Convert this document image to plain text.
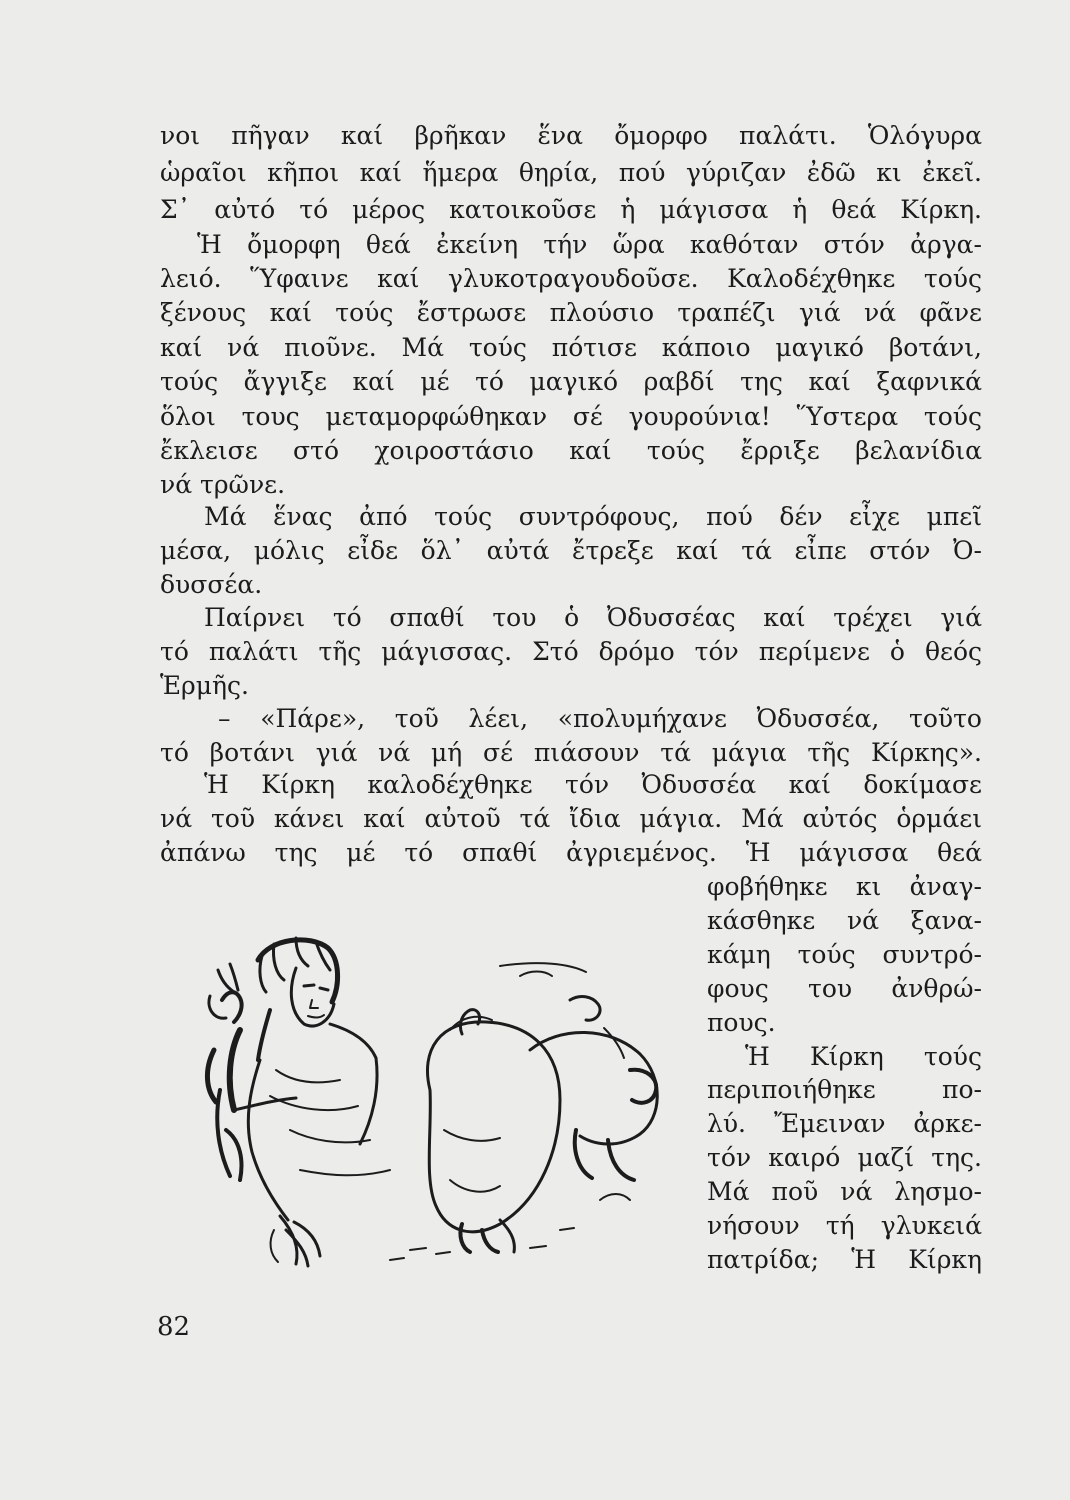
νοι πῆγαν καί βρῆκαν ἕνα ὄμορφο παλάτι. Ὁλόγυρα
ὡραῖοι κῆποι καί ἥμερα θηρία, πού γύριζαν ἐδῶ κι ἐκεῖ.
Σ᾽ αὐτό τό μέρος κατοικοῦσε ἡ μάγισσα ἡ θεά Κίρκη.
Ἡ ὄμορφη θεά ἐκείνη τήν ὥρα καθόταν στόν ἀργα-
λειό. Ὕφαινε καί γλυκοτραγουδοῦσε. Καλοδέχθηκε τούς
ξένους καί τούς ἔστρωσε πλούσιο τραπέζι γιά νά φᾶνε
καί νά πιοῦνε. Μά τούς πότισε κάποιο μαγικό βοτάνι,
τούς ἄγγιξε καί μέ τό μαγικό ραβδί της καί ξαφνικά
ὅλοι τους μεταμορφώθηκαν σέ γουρούνια! Ὕστερα τούς
ἔκλεισε στό χοιροστάσιο καί τούς ἔρριξε βελανίδια
νά τρῶνε.
Μά ἕνας ἀπό τούς συντρόφους, πού δέν εἶχε μπεῖ
μέσα, μόλις εἶδε ὅλ᾽ αὐτά ἔτρεξε καί τά εἶπε στόν Ὀ-
δυσσέα.
Παίρνει τό σπαθί του ὁ Ὀδυσσέας καί τρέχει γιά
τό παλάτι τῆς μάγισσας. Στό δρόμο τόν περίμενε ὁ θεός
Ἑρμῆς.
– «Πάρε», τοῦ λέει, «πολυμήχανε Ὀδυσσέα, τοῦτο
τό βοτάνι γιά νά μή σέ πιάσουν τά μάγια τῆς Κίρκης».
Ἡ Κίρκη καλοδέχθηκε τόν Ὀδυσσέα καί δοκίμασε
νά τοῦ κάνει καί αὐτοῦ τά ἴδια μάγια. Μά αὐτός ὁρμάει
ἀπάνω της μέ τό σπαθί ἀγριεμένος. Ἡ μάγισσα θεά
φοβήθηκε κι ἀναγ-
κάσθηκε νά ξανα-
κάμη τούς συντρό-
φους του ἀνθρώ-
πους.
Ἡ Κίρκη τούς
περιποιήθηκε πο-
λύ. Ἔμειναν ἀρκε-
τόν καιρό μαζί της.
Μά ποῦ νά λησμο-
νήσουν τή γλυκειά
πατρίδα; Ἡ Κίρκη
82
